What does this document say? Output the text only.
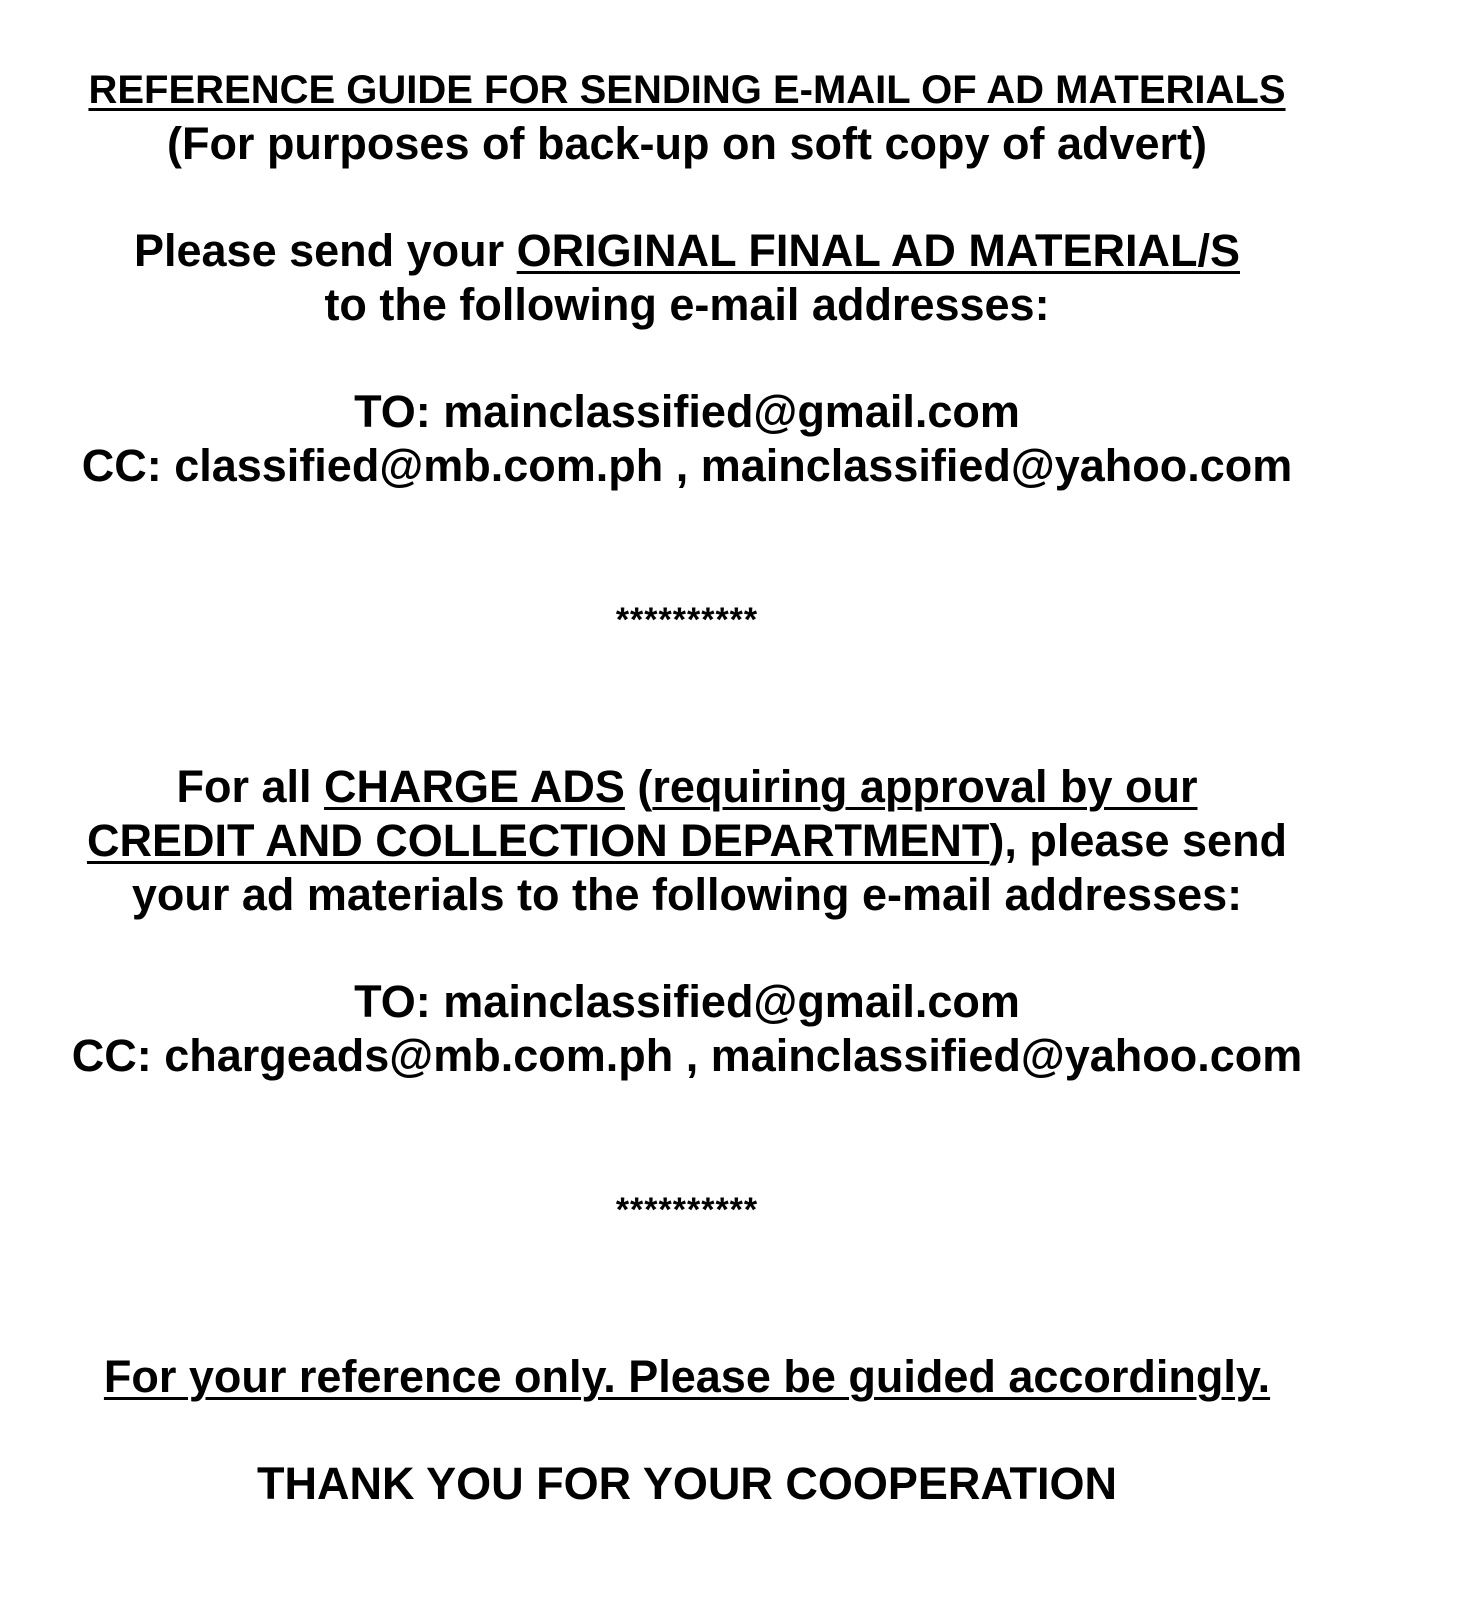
REFERENCE GUIDE FOR SENDING E-MAIL OF AD MATERIALS
(For purposes of back-up on soft copy of advert)
Please send your ORIGINAL FINAL AD MATERIAL/S
to the following e-mail addresses:
TO: mainclassified@gmail.com
CC: classified@mb.com.ph , mainclassified@yahoo.com
**********
For all CHARGE ADS (requiring approval by our
CREDIT AND COLLECTION DEPARTMENT), please send
your ad materials to the following e-mail addresses:
TO: mainclassified@gmail.com
CC: chargeads@mb.com.ph , mainclassified@yahoo.com
**********
For your reference only. Please be guided accordingly.
THANK YOU FOR YOUR COOPERATION
